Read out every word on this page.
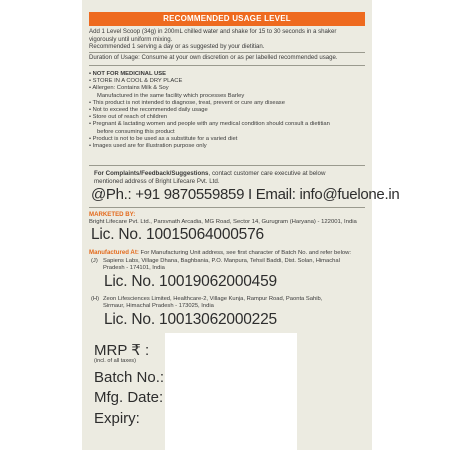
RECOMMENDED USAGE LEVEL

Add 1 Level Scoop (34g) in 200mL chilled water and shake for 15 to 30 seconds in a shaker

vigorously until uniform mixing.

Recommended 1 serving a day or as suggested by your dietitian.

Duration of Usage: Consume at your own discretion or as per labelled recommended usage.

• NOT FOR MEDICINAL USE

• STORE IN A COOL & DRY PLACE

• Allergen: Contains Milk & Soy

Manufactured in the same facility which processes Barley

• This product is not intended to diagnose, treat, prevent or cure any disease

• Not to exceed the recommended daily usage

• Store out of reach of children

• Pregnant & lactating women and people with any medical condition should consult a dietitian

before consuming this product

• Product is not to be used as a substitute for a varied diet

• Images used are for illustration purpose only

For Complaints/Feedback/Suggestions, contact customer care executive at below

mentioned address of Bright Lifecare Pvt. Ltd.

@Ph.: +91 9870559859 I Email: info@fuelone.in
MARKETED BY:
Bright Lifecare Pvt. Ltd., Parsvnath Arcadia, MG Road, Sector 14, Gurugram (Haryana) - 122001, India
Lic. No. 10015064000576
Manufactured At: For Manufacturing Unit address, see first character of Batch No. and refer below:

(J) Sapiens Labs, Village Dhana, Baghbania, P.O. Manpura, Tehsil Baddi, Dist. Solan, Himachal

Pradesh - 174101, India

Lic. No. 10019062000459

(H) Zeon Lifesciences Limited, Healthcare-2, Village Kunja, Rampur Road, Paonta Sahib,

Sirmaur, Himachal Pradesh - 173025, India

Lic. No. 10013062000225
MRP ₹ :
(incl. of all taxes)
Batch No.:
Mfg. Date:
Expiry:
